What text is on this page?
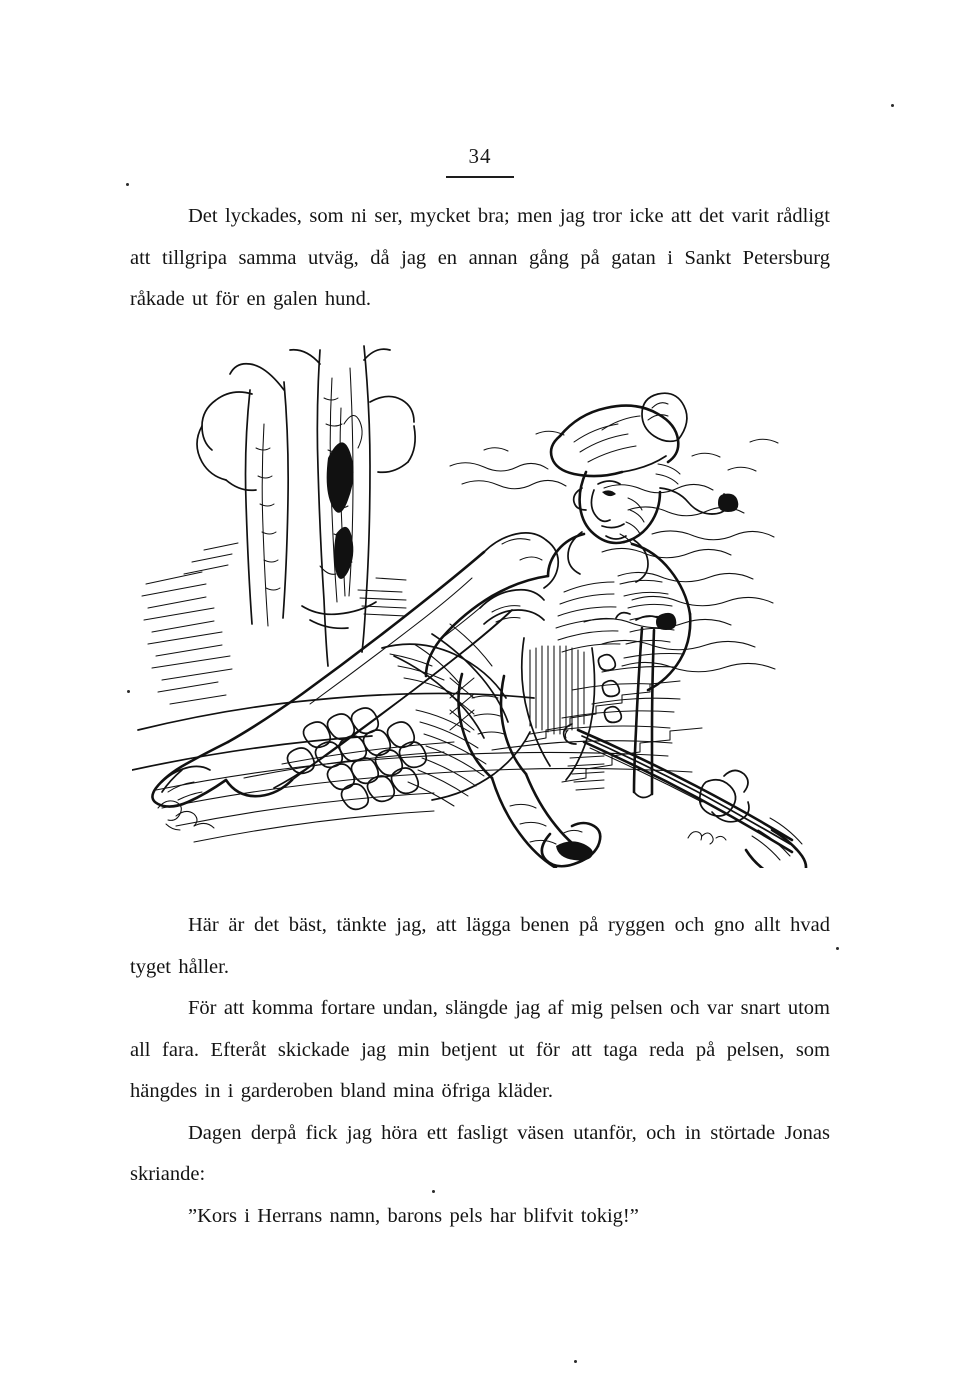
34

Det lyckades, som ni ser, mycket bra; men jag tror icke att det varit rådligt att tillgripa samma utväg, då jag en annan gång på gatan i Sankt Petersburg råkade ut för en galen hund.

Här är det bäst, tänkte jag, att lägga benen på ryggen och gno allt hvad tyget håller.

För att komma fortare undan, slängde jag af mig pelsen och var snart utom all fara. Efteråt skickade jag min betjent ut för att taga reda på pelsen, som hängdes in i garderoben bland mina öfriga kläder.

Dagen derpå fick jag höra ett fasligt väsen utanför, och in störtade Jonas skriande:

”Kors i Herrans namn, barons pels har blifvit tokig!”
